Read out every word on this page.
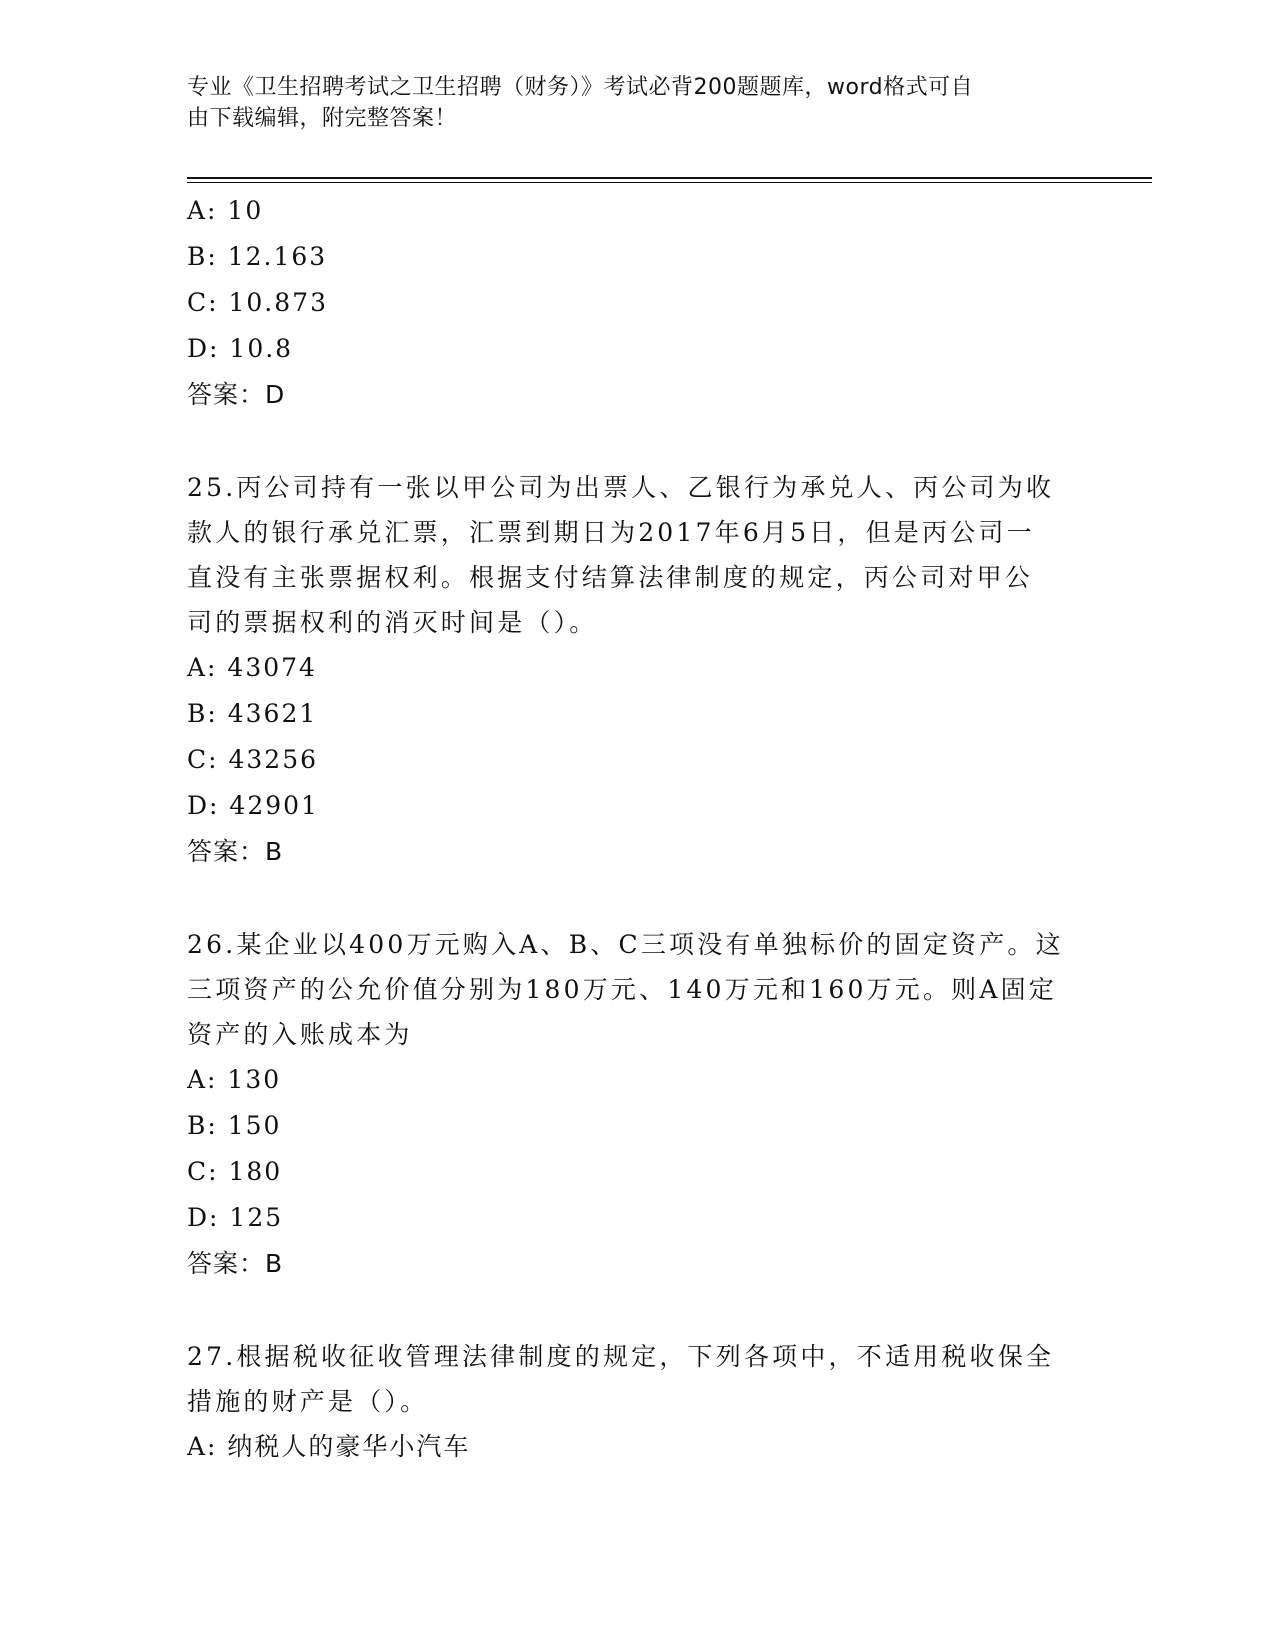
专业《卫生招聘考试之卫生招聘（财务）》考试必背200题题库，word格式可自
由下载编辑，附完整答案！
A: 10
B: 12.163
C: 10.873
D: 10.8
答案：D
25.丙公司持有一张以甲公司为出票人、乙银行为承兑人、丙公司为收
款人的银行承兑汇票，汇票到期日为2017年6月5日，但是丙公司一
直没有主张票据权利。根据支付结算法律制度的规定，丙公司对甲公
司的票据权利的消灭时间是（）。
A: 43074
B: 43621
C: 43256
D: 42901
答案：B
26.某企业以400万元购入A、B、C三项没有单独标价的固定资产。这
三项资产的公允价值分别为180万元、140万元和160万元。则A固定
资产的入账成本为
A: 130
B: 150
C: 180
D: 125
答案：B
27.根据税收征收管理法律制度的规定，下列各项中，不适用税收保全
措施的财产是（）。
A: 纳税人的豪华小汽车
